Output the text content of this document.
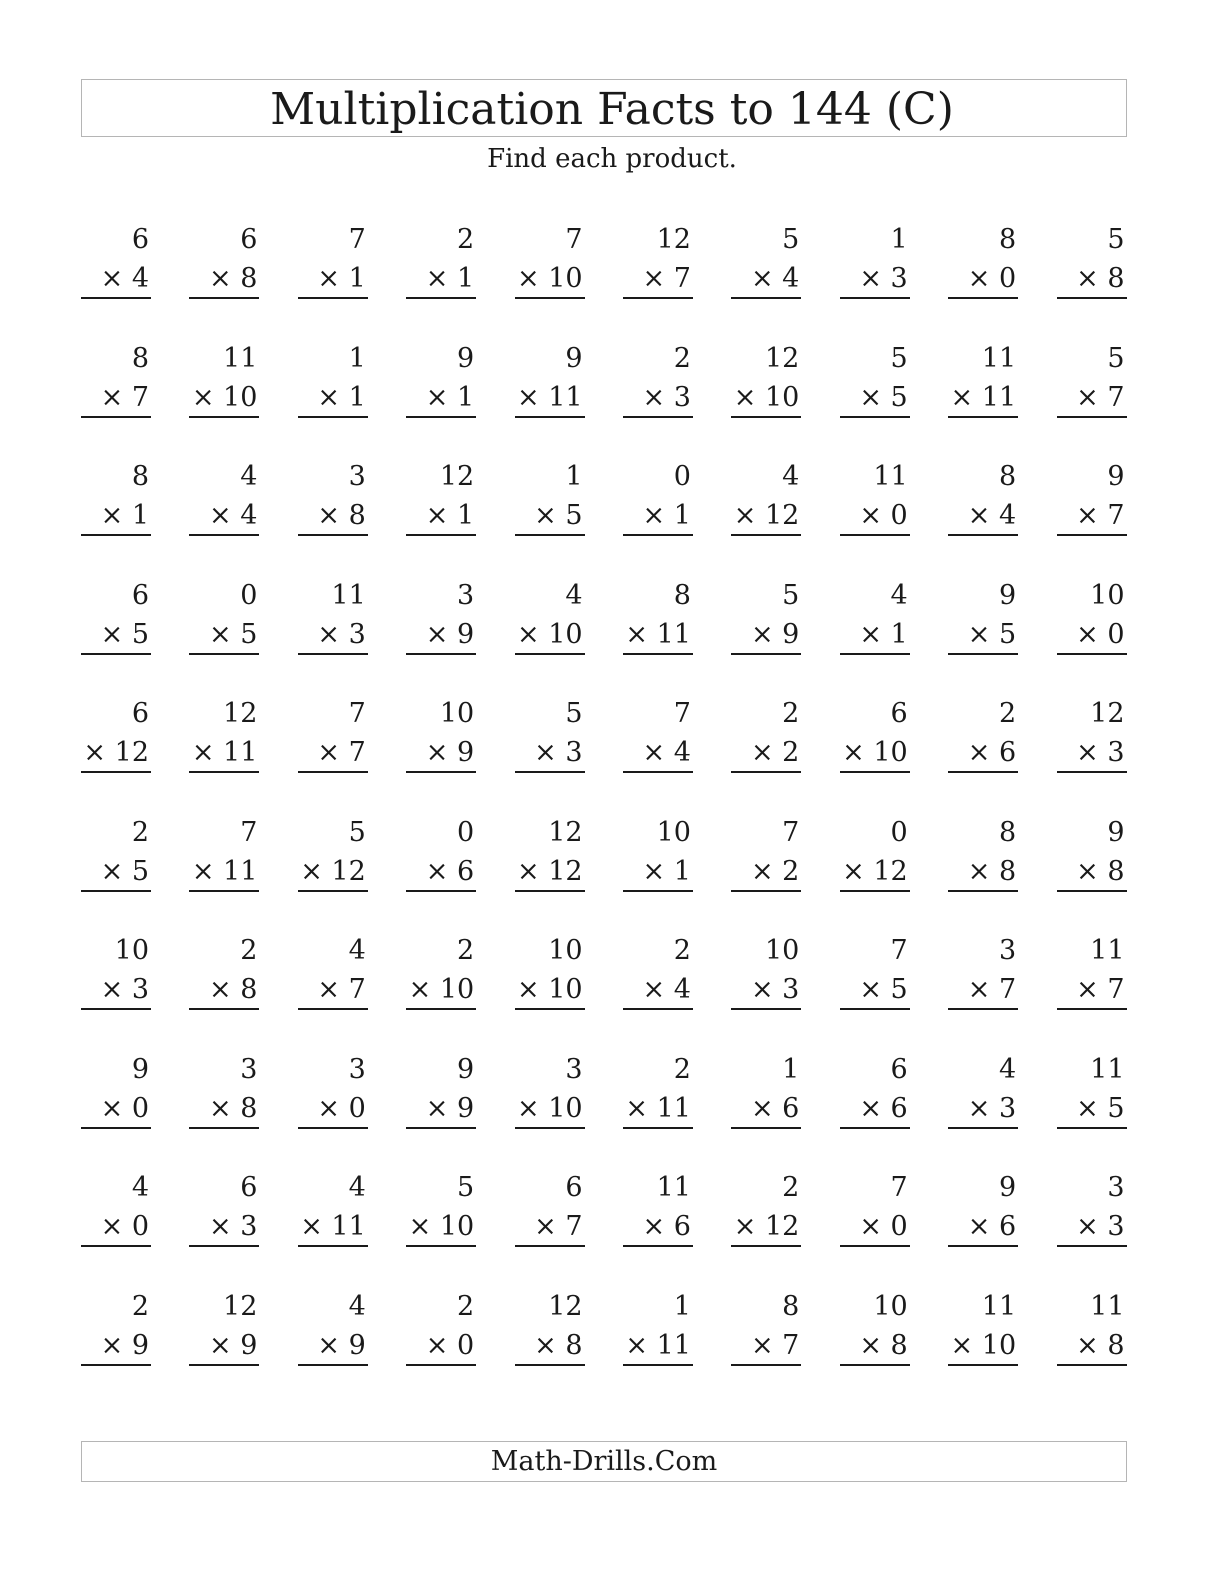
Multiplication Facts to 144 (C)
Find each product.
6
× 4
6
× 8
7
× 1
2
× 1
7
× 10
12
× 7
5
× 4
1
× 3
8
× 0
5
× 8
8
× 7
11
× 10
1
× 1
9
× 1
9
× 11
2
× 3
12
× 10
5
× 5
11
× 11
5
× 7
8
× 1
4
× 4
3
× 8
12
× 1
1
× 5
0
× 1
4
× 12
11
× 0
8
× 4
9
× 7
6
× 5
0
× 5
11
× 3
3
× 9
4
× 10
8
× 11
5
× 9
4
× 1
9
× 5
10
× 0
6
× 12
12
× 11
7
× 7
10
× 9
5
× 3
7
× 4
2
× 2
6
× 10
2
× 6
12
× 3
2
× 5
7
× 11
5
× 12
0
× 6
12
× 12
10
× 1
7
× 2
0
× 12
8
× 8
9
× 8
10
× 3
2
× 8
4
× 7
2
× 10
10
× 10
2
× 4
10
× 3
7
× 5
3
× 7
11
× 7
9
× 0
3
× 8
3
× 0
9
× 9
3
× 10
2
× 11
1
× 6
6
× 6
4
× 3
11
× 5
4
× 0
6
× 3
4
× 11
5
× 10
6
× 7
11
× 6
2
× 12
7
× 0
9
× 6
3
× 3
2
× 9
12
× 9
4
× 9
2
× 0
12
× 8
1
× 11
8
× 7
10
× 8
11
× 10
11
× 8
Math-Drills.Com
